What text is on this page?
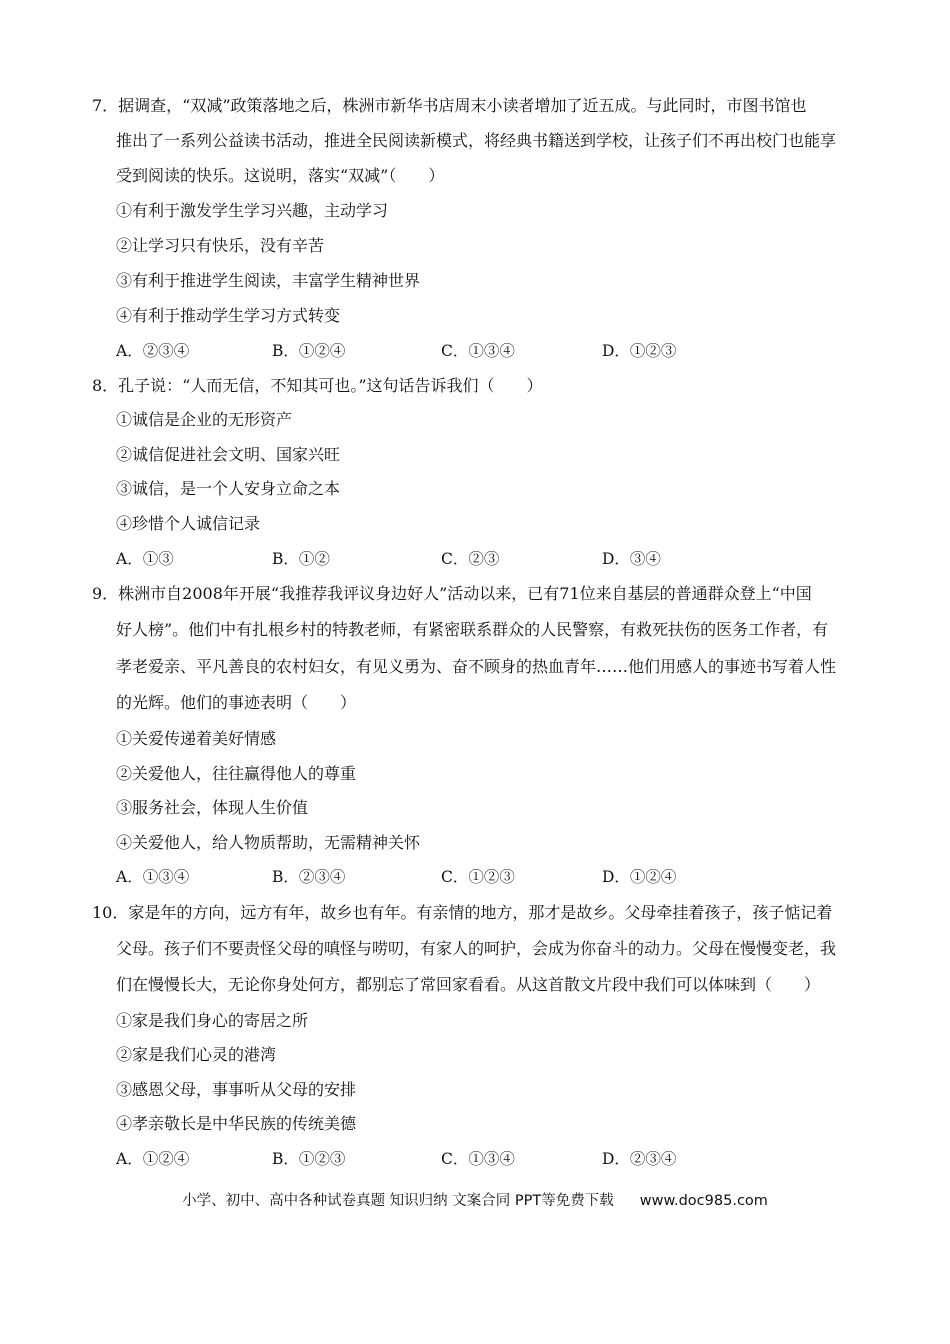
7．据调查，“双减”政策落地之后，株洲市新华书店周末小读者增加了近五成。与此同时，市图书馆也
推出了一系列公益读书活动，推进全民阅读新模式，将经典书籍送到学校，让孩子们不再出校门也能享
受到阅读的快乐。这说明，落实“双减”（　　）
①有利于激发学生学习兴趣，主动学习
②让学习只有快乐，没有辛苦
③有利于推进学生阅读，丰富学生精神世界
④有利于推动学生学习方式转变
A．②③④	B．①②④	C．①③④	D．①②③
8．孔子说：“人而无信，不知其可也。”这句话告诉我们（　　）
①诚信是企业的无形资产
②诚信促进社会文明、国家兴旺
③诚信，是一个人安身立命之本
④珍惜个人诚信记录
A．①③	B．①②	C．②③	D．③④
9．株洲市自2008年开展“我推荐我评议身边好人”活动以来，已有71位来自基层的普通群众登上“中国
好人榜”。他们中有扎根乡村的特教老师，有紧密联系群众的人民警察，有救死扶伤的医务工作者，有
孝老爱亲、平凡善良的农村妇女，有见义勇为、奋不顾身的热血青年……他们用感人的事迹书写着人性
的光辉。他们的事迹表明（　　）
①关爱传递着美好情感
②关爱他人，往往赢得他人的尊重
③服务社会，体现人生价值
④关爱他人，给人物质帮助，无需精神关怀
A．①③④	B．②③④	C．①②③	D．①②④
10．家是年的方向，远方有年，故乡也有年。有亲情的地方，那才是故乡。父母牵挂着孩子，孩子惦记着
父母。孩子们不要责怪父母的嗔怪与唠叨，有家人的呵护，会成为你奋斗的动力。父母在慢慢变老，我
们在慢慢长大，无论你身处何方，都别忘了常回家看看。从这首散文片段中我们可以体味到（　　）
①家是我们身心的寄居之所
②家是我们心灵的港湾
③感恩父母，事事听从父母的安排
④孝亲敬长是中华民族的传统美德
A．①②④	B．①②③	C．①③④	D．②③④
小学、初中、高中各种试卷真题 知识归纳 文案合同 PPT等免费下载 www.doc985.com
